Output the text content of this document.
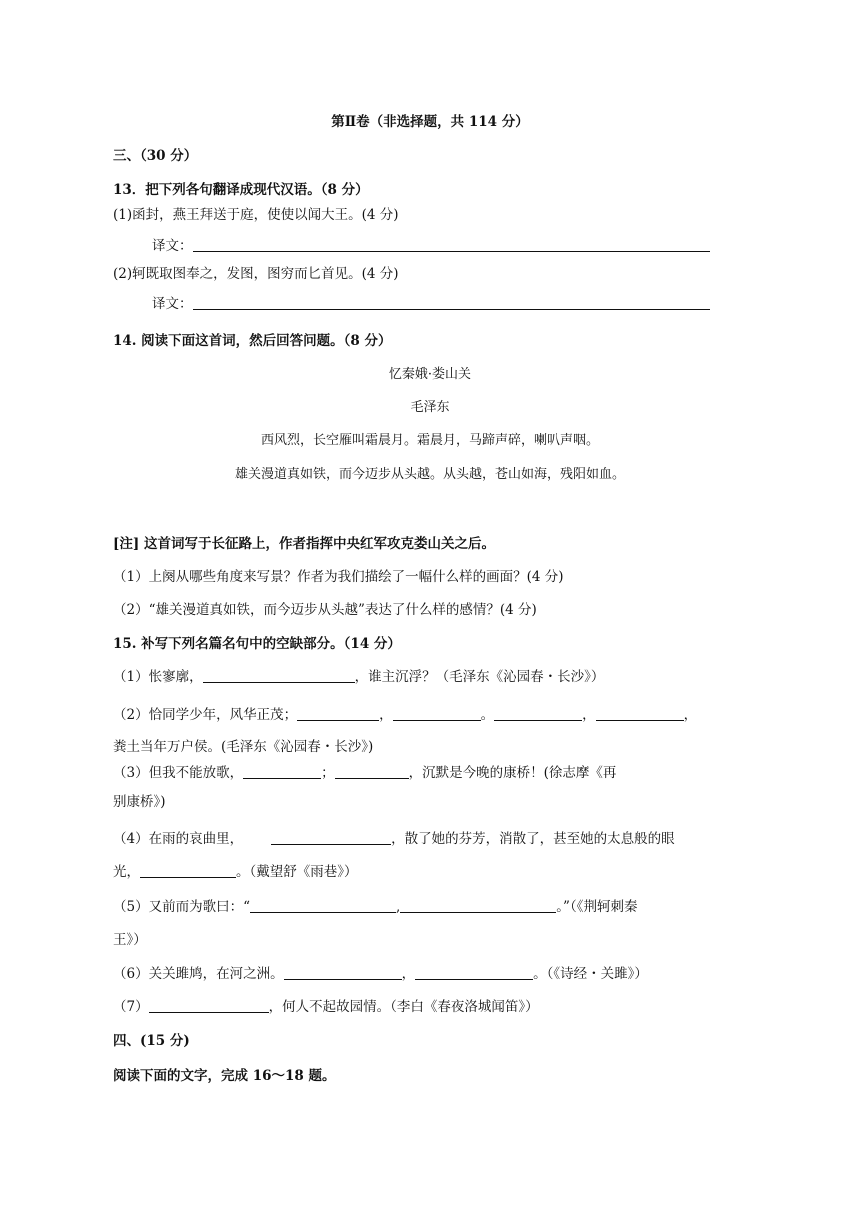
第Ⅱ卷（非选择题，共 114 分）
三、（30 分）
13．把下列各句翻译成现代汉语。（8 分）
(1)函封，燕王拜送于庭，使使以闻大王。(4 分)
译文：
(2)轲既取图奉之，发图，图穷而匕首见。(4 分)
译文：
14. 阅读下面这首词，然后回答问题。（8 分）
忆秦娥·娄山关
毛泽东
西风烈，长空雁叫霜晨月。霜晨月，马蹄声碎，喇叭声咽。
雄关漫道真如铁，而今迈步从头越。从头越，苍山如海，残阳如血。
[注] 这首词写于长征路上，作者指挥中央红军攻克娄山关之后。
（1）上阕从哪些角度来写景？作者为我们描绘了一幅什么样的画面？(4 分)
（2）“雄关漫道真如铁，而今迈步从头越”表达了什么样的感情？(4 分)
15. 补写下列名篇名句中的空缺部分。（14 分）
（1）怅寥廓，	，谁主沉浮？（毛泽东《沁园春・长沙》）
（2）恰同学少年，风华正茂；	，	。	，	，
粪土当年万户侯。(毛泽东《沁园春・长沙》)
（3）但我不能放歌，	；	，沉默是今晚的康桥！(徐志摩《再
别康桥》)
（4）在雨的哀曲里，	，散了她的芬芳，消散了，甚至她的太息般的眼
光，	。（戴望舒《雨巷》）
（5）又前而为歌曰：“	,	。”（《荆轲刺秦
王》）
（6）关关雎鸠，在河之洲。	，	。（《诗经・关雎》）
（7）	，何人不起故园情。（李白《春夜洛城闻笛》）
四、(15 分)
阅读下面的文字，完成 16～18 题。
